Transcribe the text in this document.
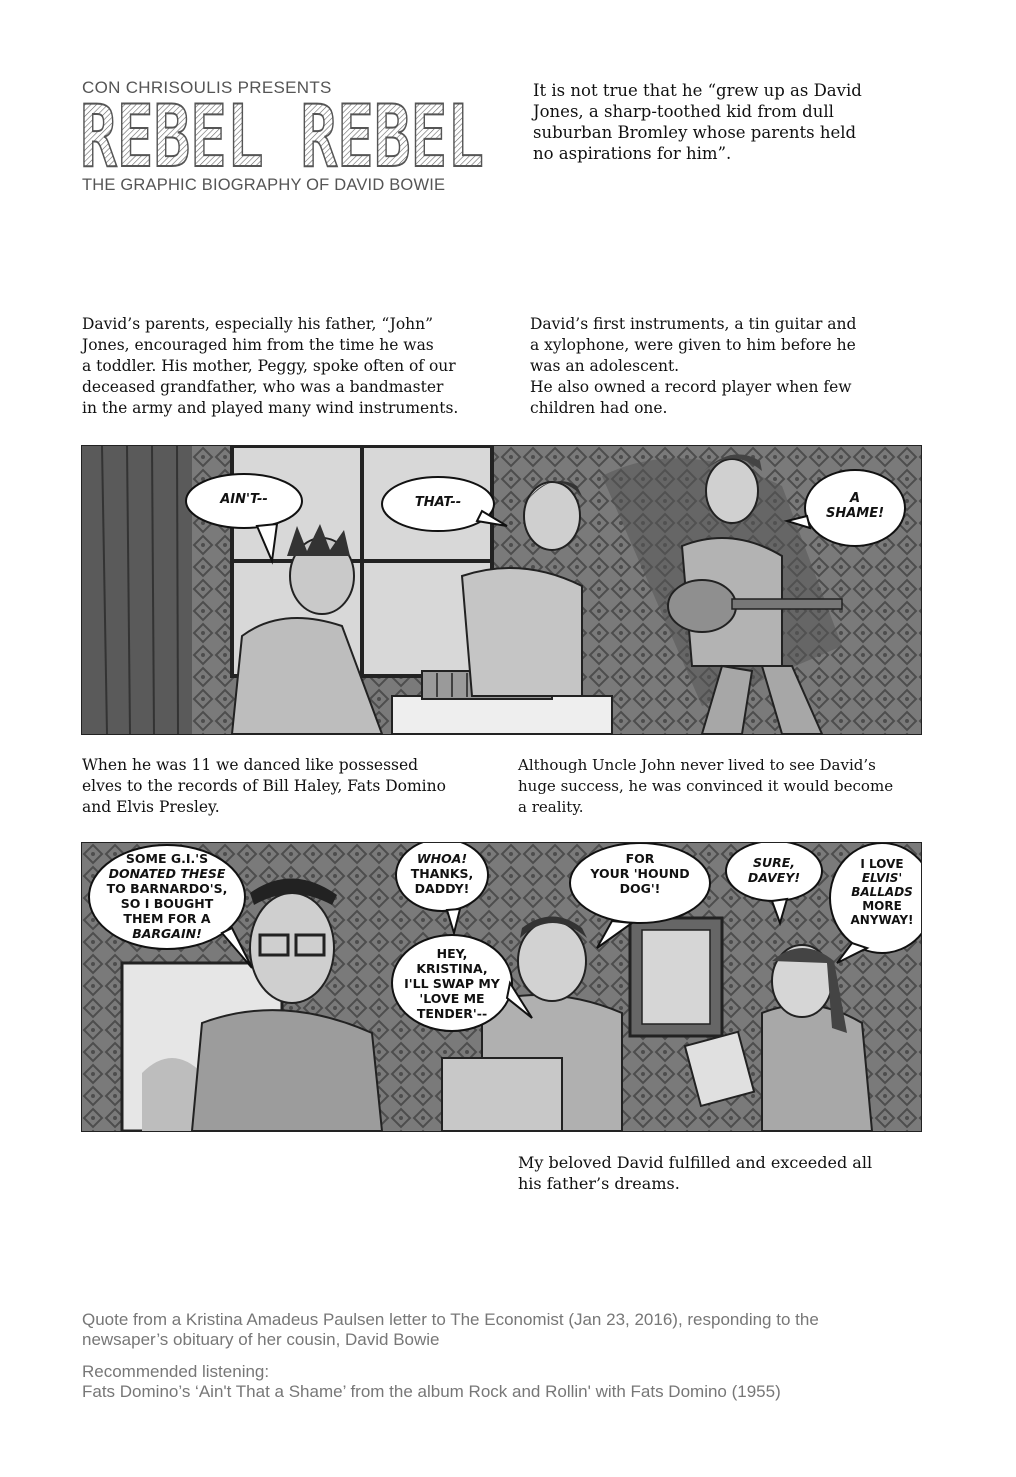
CON CHRISOULIS PRESENTS
REBEL REBEL
THE GRAPHIC BIOGRAPHY OF DAVID BOWIE
It is not true that he “grew up as David
Jones, a sharp-toothed kid from dull
suburban Bromley whose parents held
no aspirations for him”.
David’s parents, especially his father, “John”
Jones, encouraged him from the time he was
a toddler. His mother, Peggy, spoke often of our
deceased grandfather, who was a bandmaster
in the army and played many wind instruments.
David’s first instruments, a tin guitar and
a xylophone, were given to him before he
was an adolescent.
He also owned a record player when few
children had one.
AIN'T--	THAT--	A
SHAME!
When he was 11 we danced like possessed
elves to the records of Bill Haley, Fats Domino
and Elvis Presley.
Although Uncle John never lived to see David’s
huge success, he was convinced it would become
a reality.
SOME G.I.'S
DONATED THESE
TO BARNARDO'S,
SO I BOUGHT
THEM FOR A
BARGAIN!
WHOA!
THANKS,
DADDY!
HEY,
KRISTINA,
I'LL SWAP MY
'LOVE ME
TENDER'--
FOR
YOUR 'HOUND
DOG'!
SURE,
DAVEY!
I LOVE
ELVIS'
BALLADS
MORE
ANYWAY!
My beloved David fulfilled and exceeded all
his father’s dreams.
Quote from a Kristina Amadeus Paulsen letter to The Economist (Jan 23, 2016), responding to the
newsaper’s obituary of her cousin, David Bowie
Recommended listening:
Fats Domino’s ‘Ain't That a Shame’ from the album Rock and Rollin' with Fats Domino (1955)
